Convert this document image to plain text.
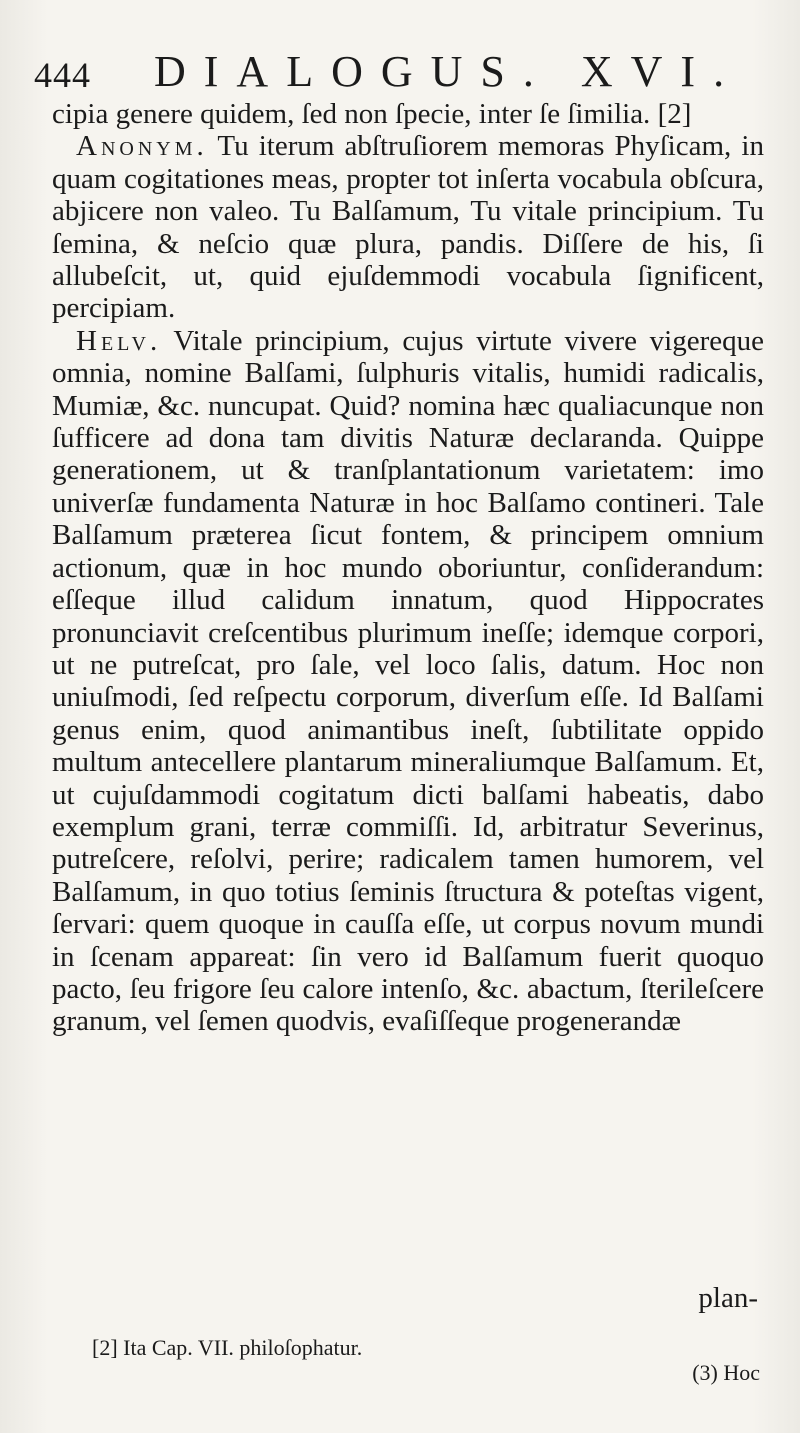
444 DIALOGUS. XVI.

cipia genere quidem, ſed non ſpecie, inter ſe ſimilia. [2]

Anonym. Tu iterum abſtruſiorem memoras Phyſicam, in quam cogitationes meas, propter tot inſerta vocabula obſcura, abjicere non valeo. Tu Balſamum, Tu vitale principium. Tu ſemina, & neſcio quæ plura, pandis. Diſſere de his, ſi allubeſcit, ut, quid ejuſdemmodi vocabula ſignificent, percipiam.

Helv. Vitale principium, cujus virtute vivere vigereque omnia, nomine Balſami, ſulphuris vitalis, humidi radicalis, Mumiæ, &c. nuncupat. Quid? nomina hæc qualiacunque non ſufficere ad dona tam divitis Naturæ declaranda. Quippe generationem, ut & tranſplantationum varietatem: imo univerſæ fundamenta Naturæ in hoc Balſamo contineri. Tale Balſamum præterea ſicut fontem, & principem omnium actionum, quæ in hoc mundo oboriuntur, conſiderandum: eſſeque illud calidum innatum, quod Hippocrates pronunciavit creſcentibus plurimum ineſſe; idemque corpori, ut ne putreſcat, pro ſale, vel loco ſalis, datum. Hoc non uniuſmodi, ſed reſpectu corporum, diverſum eſſe. Id Balſami genus enim, quod animantibus ineſt, ſubtilitate oppido multum antecellere plantarum mineraliumque Balſamum. Et, ut cujuſdammodi cogitatum dicti balſami habeatis, dabo exemplum grani, terræ commiſſi. Id, arbitratur Severinus, putreſcere, reſolvi, perire; radicalem tamen humorem, vel Balſamum, in quo totius ſeminis ſtructura & poteſtas vigent, ſervari: quem quoque in cauſſa eſſe, ut corpus novum mundi in ſcenam appareat: ſin vero id Balſamum fuerit quoquo pacto, ſeu frigore ſeu calore intenſo, &c. abactum, ſterileſcere granum, vel ſemen quodvis, evaſiſſeque progenerandæ

plan-
[2] Ita Cap. VII. philoſophatur.
(3) Hoc
